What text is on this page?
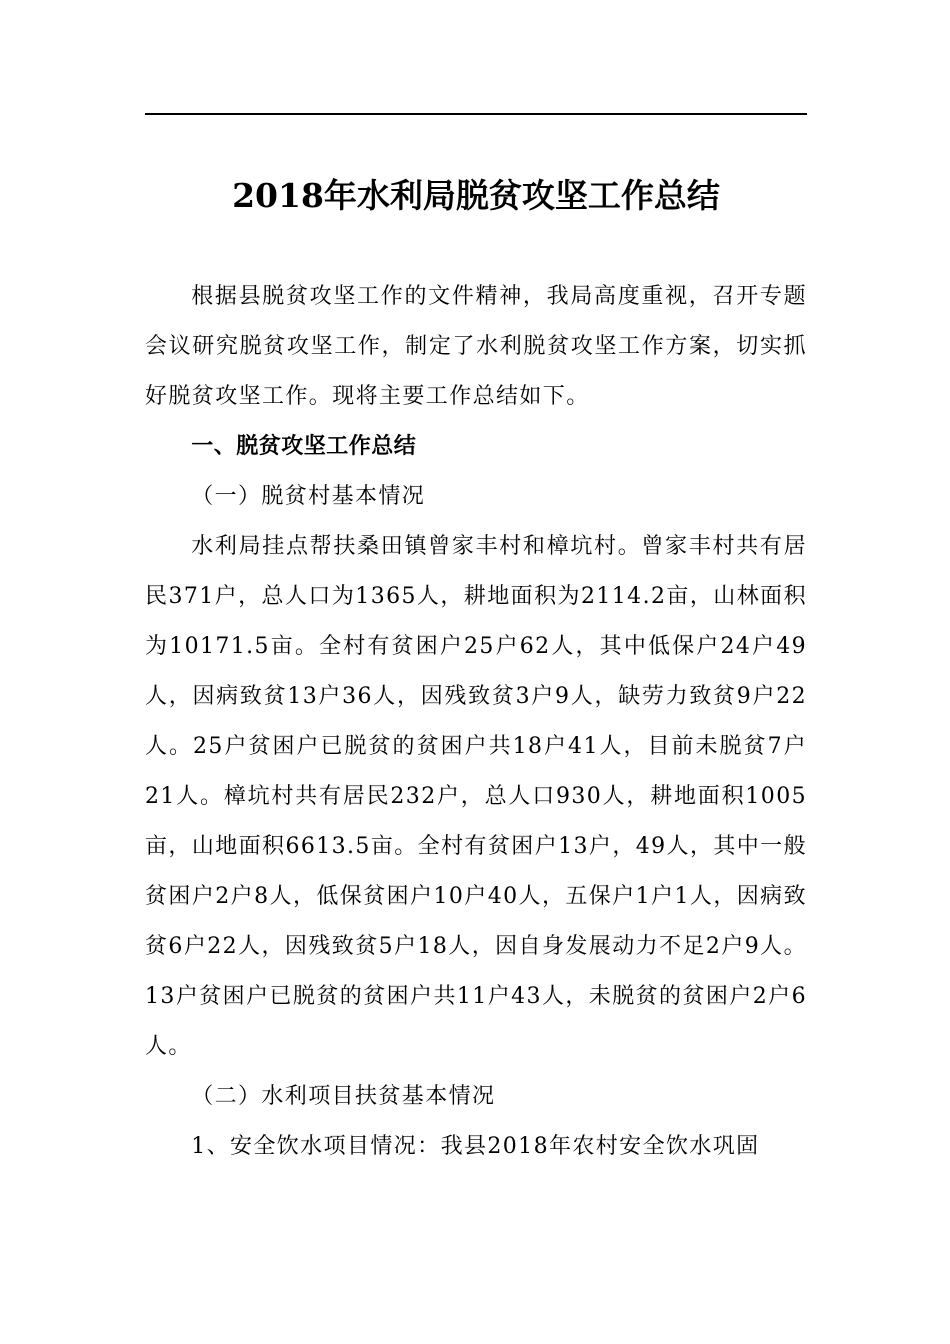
2018年水利局脱贫攻坚工作总结

根据县脱贫攻坚工作的文件精神，我局高度重视，召开专题会议研究脱贫攻坚工作，制定了水利脱贫攻坚工作方案，切实抓好脱贫攻坚工作。现将主要工作总结如下。

一、脱贫攻坚工作总结

（一）脱贫村基本情况

水利局挂点帮扶桑田镇曾家丰村和樟坑村。曾家丰村共有居民371户，总人口为1365人，耕地面积为2114.2亩，山林面积为10171.5亩。全村有贫困户25户62人，其中低保户24户49人，因病致贫13户36人，因残致贫3户9人，缺劳力致贫9户22人。25户贫困户已脱贫的贫困户共18户41人，目前未脱贫7户21人。樟坑村共有居民232户，总人口930人，耕地面积1005亩，山地面积6613.5亩。全村有贫困户13户，49人，其中一般贫困户2户8人，低保贫困户10户40人，五保户1户1人，因病致贫6户22人，因残致贫5户18人，因自身发展动力不足2户9人。13户贫困户已脱贫的贫困户共11户43人，未脱贫的贫困户2户6人。

（二）水利项目扶贫基本情况

1、安全饮水项目情况：我县2018年农村安全饮水巩固
